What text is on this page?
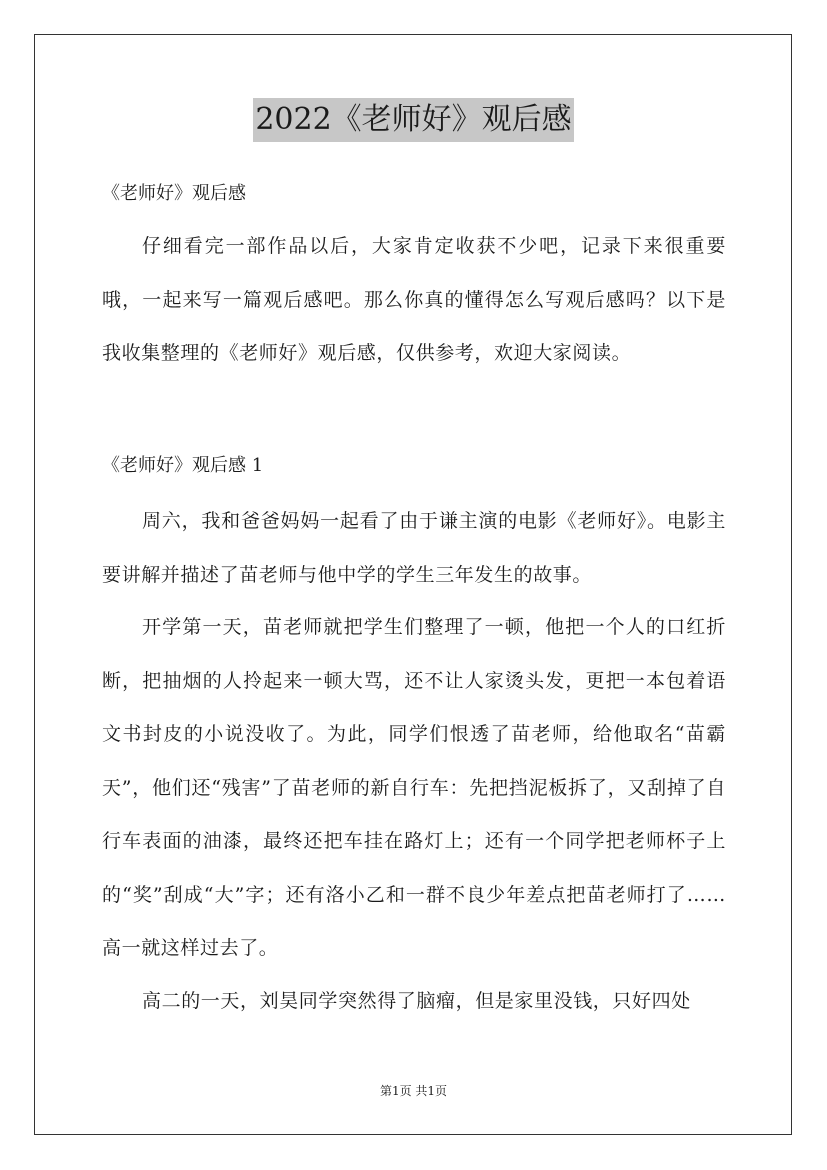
2022《老师好》观后感
《老师好》观后感

仔细看完一部作品以后，大家肯定收获不少吧，记录下来很重要哦，一起来写一篇观后感吧。那么你真的懂得怎么写观后感吗？以下是我收集整理的《老师好》观后感，仅供参考，欢迎大家阅读。

《老师好》观后感 1

周六，我和爸爸妈妈一起看了由于谦主演的电影《老师好》。电影主要讲解并描述了苗老师与他中学的学生三年发生的故事。

开学第一天，苗老师就把学生们整理了一顿，他把一个人的口红折断，把抽烟的人拎起来一顿大骂，还不让人家烫头发，更把一本包着语文书封皮的小说没收了。为此，同学们恨透了苗老师，给他取名“苗霸天”，他们还“残害”了苗老师的新自行车：先把挡泥板拆了，又刮掉了自行车表面的油漆，最终还把车挂在路灯上；还有一个同学把老师杯子上的“奖”刮成“大”字；还有洛小乙和一群不良少年差点把苗老师打了……高一就这样过去了。

高二的一天，刘昊同学突然得了脑瘤，但是家里没钱，只好四处

第1页 共1页
